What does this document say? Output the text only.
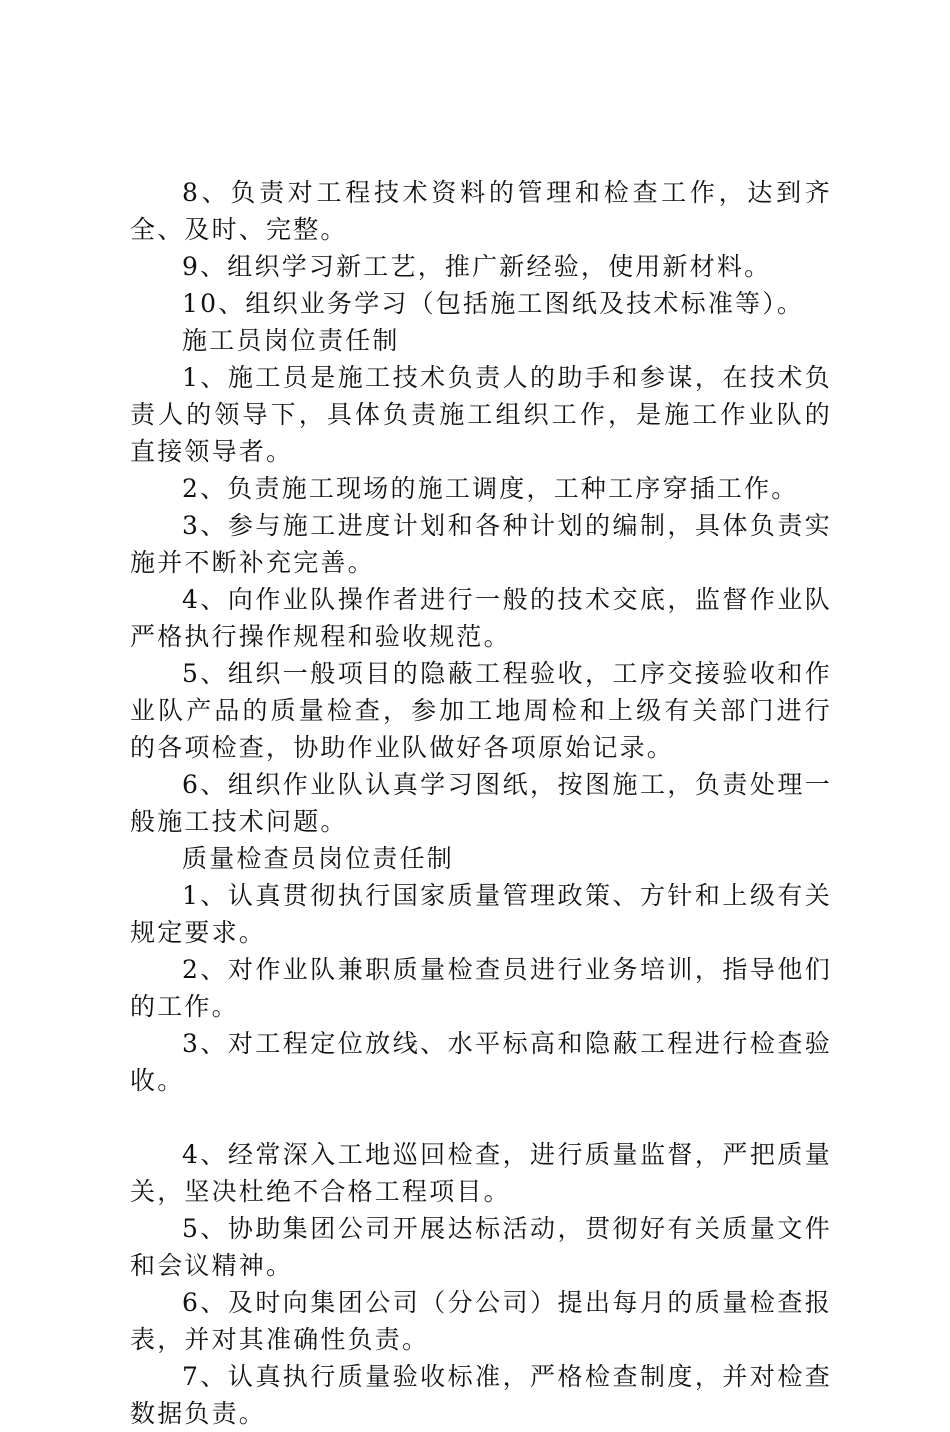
8、负责对工程技术资料的管理和检查工作，达到齐全、及时、完整。

9、组织学习新工艺，推广新经验，使用新材料。

10、组织业务学习（包括施工图纸及技术标准等）。

施工员岗位责任制

1、施工员是施工技术负责人的助手和参谋，在技术负责人的领导下，具体负责施工组织工作，是施工作业队的直接领导者。

2、负责施工现场的施工调度，工种工序穿插工作。

3、参与施工进度计划和各种计划的编制，具体负责实施并不断补充完善。

4、向作业队操作者进行一般的技术交底，监督作业队严格执行操作规程和验收规范。

5、组织一般项目的隐蔽工程验收，工序交接验收和作业队产品的质量检查，参加工地周检和上级有关部门进行的各项检查，协助作业队做好各项原始记录。

6、组织作业队认真学习图纸，按图施工，负责处理一般施工技术问题。

质量检查员岗位责任制

1、认真贯彻执行国家质量管理政策、方针和上级有关规定要求。

2、对作业队兼职质量检查员进行业务培训，指导他们的工作。

3、对工程定位放线、水平标高和隐蔽工程进行检查验收。

4、经常深入工地巡回检查，进行质量监督，严把质量关，坚决杜绝不合格工程项目。

5、协助集团公司开展达标活动，贯彻好有关质量文件和会议精神。

6、及时向集团公司（分公司）提出每月的质量检查报表，并对其准确性负责。

7、认真执行质量验收标准，严格检查制度，并对检查数据负责。
